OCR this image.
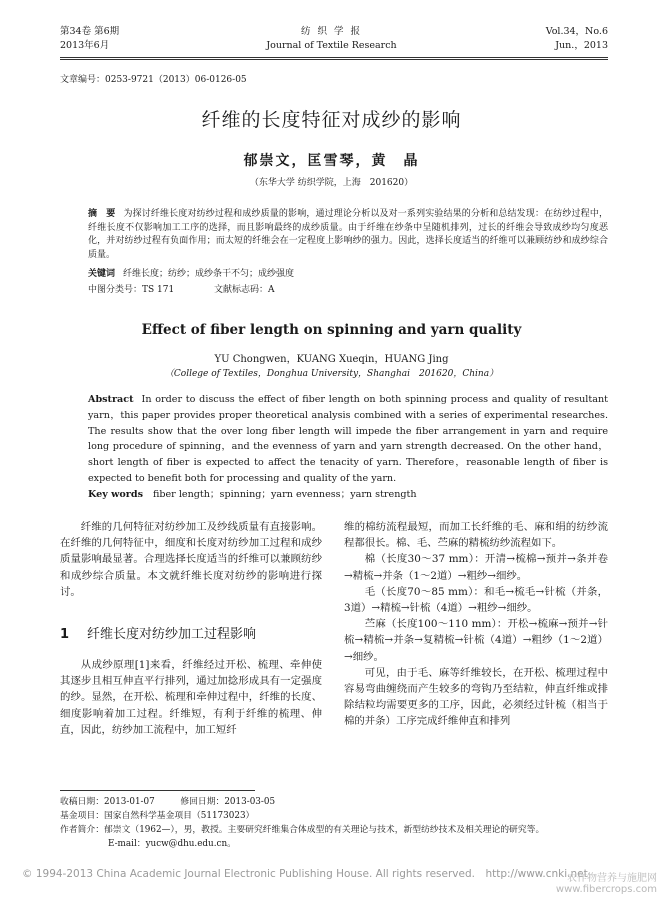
第34卷 第6期
2013年6月
纺 织 学 报
Journal of Textile Research
Vol.34，No.6
Jun.，2013
文章编号：0253-9721（2013）06-0126-05
纤维的长度特征对成纱的影响
郁崇文，匡雪琴，黄　晶
（东华大学 纺织学院，上海　201620）
摘　要 为探讨纤维长度对纺纱过程和成纱质量的影响，通过理论分析以及对一系列实验结果的分析和总结发现：在纺纱过程中，纤维长度不仅影响加工工序的选择，而且影响最终的成纱质量。由于纤维在纱条中呈随机排列，过长的纤维会导致成纱均匀度恶化，并对纺纱过程有负面作用；而太短的纤维会在一定程度上影响纱的强力。因此，选择长度适当的纤维可以兼顾纺纱和成纱综合质量。
关键词 纤维长度；纺纱；成纱条干不匀；成纱强度
中图分类号：TS 171	文献标志码：A
Effect of fiber length on spinning and yarn quality
YU Chongwen，KUANG Xueqin，HUANG Jing
（College of Textiles，Donghua University，Shanghai　201620，China）
Abstract In order to discuss the effect of fiber length on both spinning process and quality of resultant yarn，this paper provides proper theoretical analysis combined with a series of experimental researches. The results show that the over long fiber length will impede the fiber arrangement in yarn and require long procedure of spinning，and the evenness of yarn and yarn strength decreased. On the other hand，short length of fiber is expected to affect the tenacity of yarn. Therefore，reasonable length of fiber is expected to benefit both for processing and quality of the yarn.
Key words fiber length；spinning；yarn evenness；yarn strength

纤维的几何特征对纺纱加工及纱线质量有直接影响。在纤维的几何特征中，细度和长度对纺纱加工过程和成纱质量影响最显著。合理选择长度适当的纤维可以兼顾纺纱和成纱综合质量。本文就纤维长度对纺纱的影响进行探讨。

1 纤维长度对纺纱加工过程影响

从成纱原理[1]来看，纤维经过开松、梳理、牵伸使其逐步且相互伸直平行排列，通过加捻形成具有一定强度的纱。显然，在开松、梳理和牵伸过程中，纤维的长度、细度影响着加工过程。纤维短，有利于纤维的梳理、伸直，因此，纺纱加工流程中，加工短纤

维的棉纺流程最短，而加工长纤维的毛、麻和绢的纺纱流程都很长。棉、毛、苎麻的精梳纺纱流程如下。

棉（长度30～37 mm）：开清→梳棉→预并→条并卷→精梳→并条（1～2道）→粗纱→细纱。

毛（长度70～85 mm）：和毛→梳毛→针梳（并条，3道）→精梳→针梳（4道）→粗纱→细纱。

苎麻（长度100～110 mm）：开松→梳麻→预并→针梳→精梳→并条→复精梳→针梳（4道）→粗纱（1～2道）→细纱。

可见，由于毛、麻等纤维较长，在开松、梳理过程中容易弯曲缠绕而产生较多的弯钩乃至结粒，伸直纤维或排除结粒均需要更多的工序，因此，必须经过针梳（相当于棉的并条）工序完成纤维伸直和排列

收稿日期：2013-01-07	修回日期：2013-03-05
基金项目：国家自然科学基金项目（51173023）
作者简介：郁崇文（1962—），男，教授。主要研究纤维集合体成型的有关理论与技术，新型纺纱技术及相关理论的研究等。
E-mail：yucw@dhu.edu.cn。
© 1994-2013 China Academic Journal Electronic Publishing House. All rights reserved.　http://www.cnki.net
农作物营养与施肥网
www.fibercrops.com
